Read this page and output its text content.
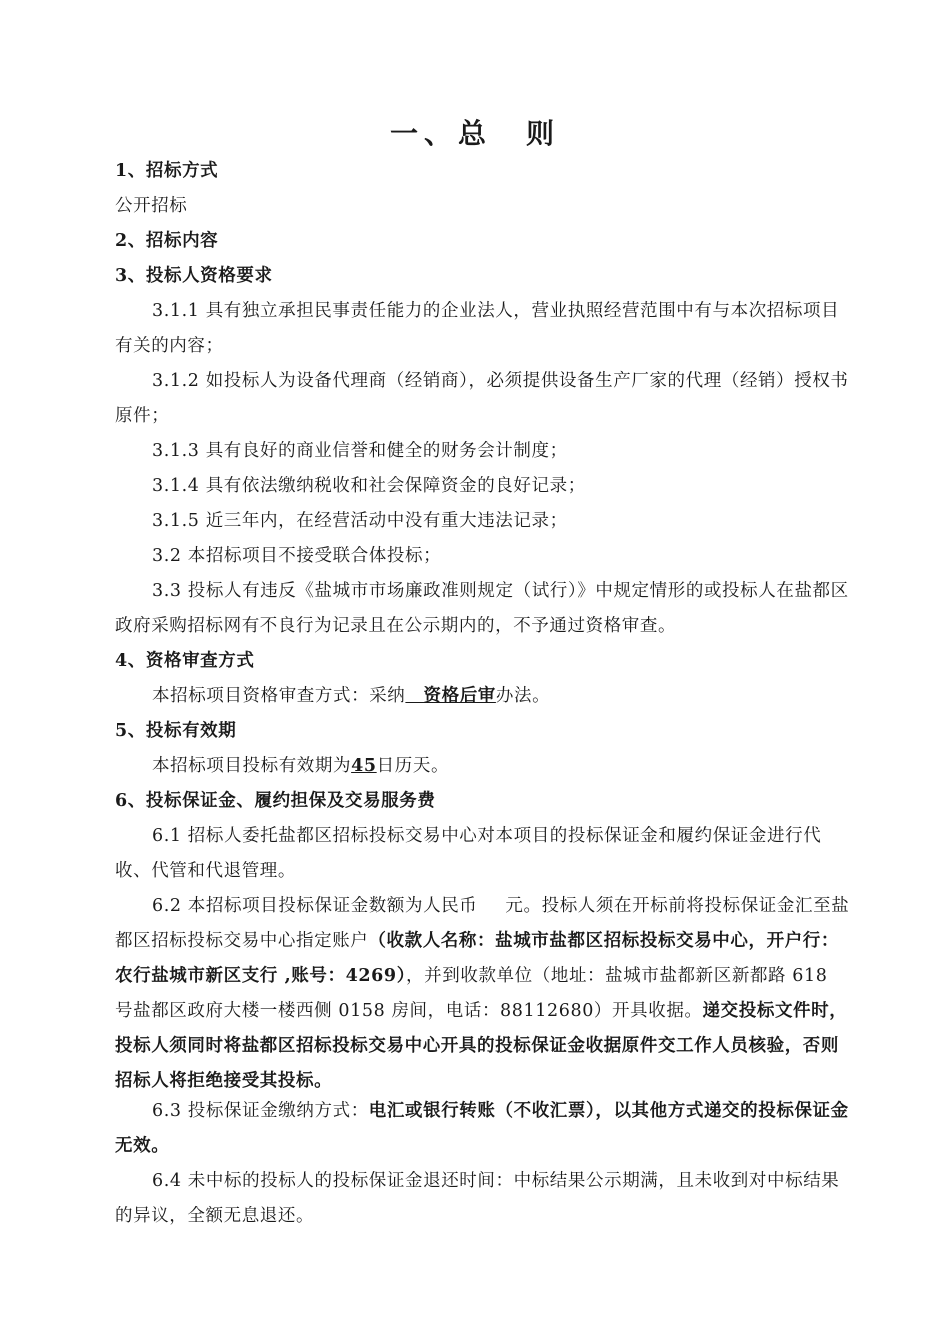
一、总　则
1、招标方式
公开招标
2、招标内容
3、投标人资格要求
3.1.1 具有独立承担民事责任能力的企业法人，营业执照经营范围中有与本次招标项目有关的内容；
3.1.2 如投标人为设备代理商（经销商），必须提供设备生产厂家的代理（经销）授权书原件；
3.1.3 具有良好的商业信誉和健全的财务会计制度；
3.1.4 具有依法缴纳税收和社会保障资金的良好记录；
3.1.5 近三年内，在经营活动中没有重大违法记录；
3.2 本招标项目不接受联合体投标；
3.3 投标人有违反《盐城市市场廉政准则规定（试行）》中规定情形的或投标人在盐都区政府采购招标网有不良行为记录且在公示期内的，不予通过资格审查。
4、资格审查方式
本招标项目资格审查方式：采纳　资格后审办法。
5、投标有效期
本招标项目投标有效期为45日历天。
6、投标保证金、履约担保及交易服务费
6.1 招标人委托盐都区招标投标交易中心对本项目的投标保证金和履约保证金进行代收、代管和代退管理。
6.2 本招标项目投标保证金数额为人民币 元。投标人须在开标前将投标保证金汇至盐都区招标投标交易中心指定账户（收款人名称：盐城市盐都区招标投标交易中心，开户行：农行盐城市新区支行 ,账号：4269），并到收款单位（地址：盐城市盐都新区新都路 618 号盐都区政府大楼一楼西侧 0158 房间，电话：88112680）开具收据。递交投标文件时，投标人须同时将盐都区招标投标交易中心开具的投标保证金收据原件交工作人员核验，否则招标人将拒绝接受其投标。
6.3 投标保证金缴纳方式：电汇或银行转账（不收汇票），以其他方式递交的投标保证金无效。
6.4 未中标的投标人的投标保证金退还时间：中标结果公示期满，且未收到对中标结果的异议，全额无息退还。
